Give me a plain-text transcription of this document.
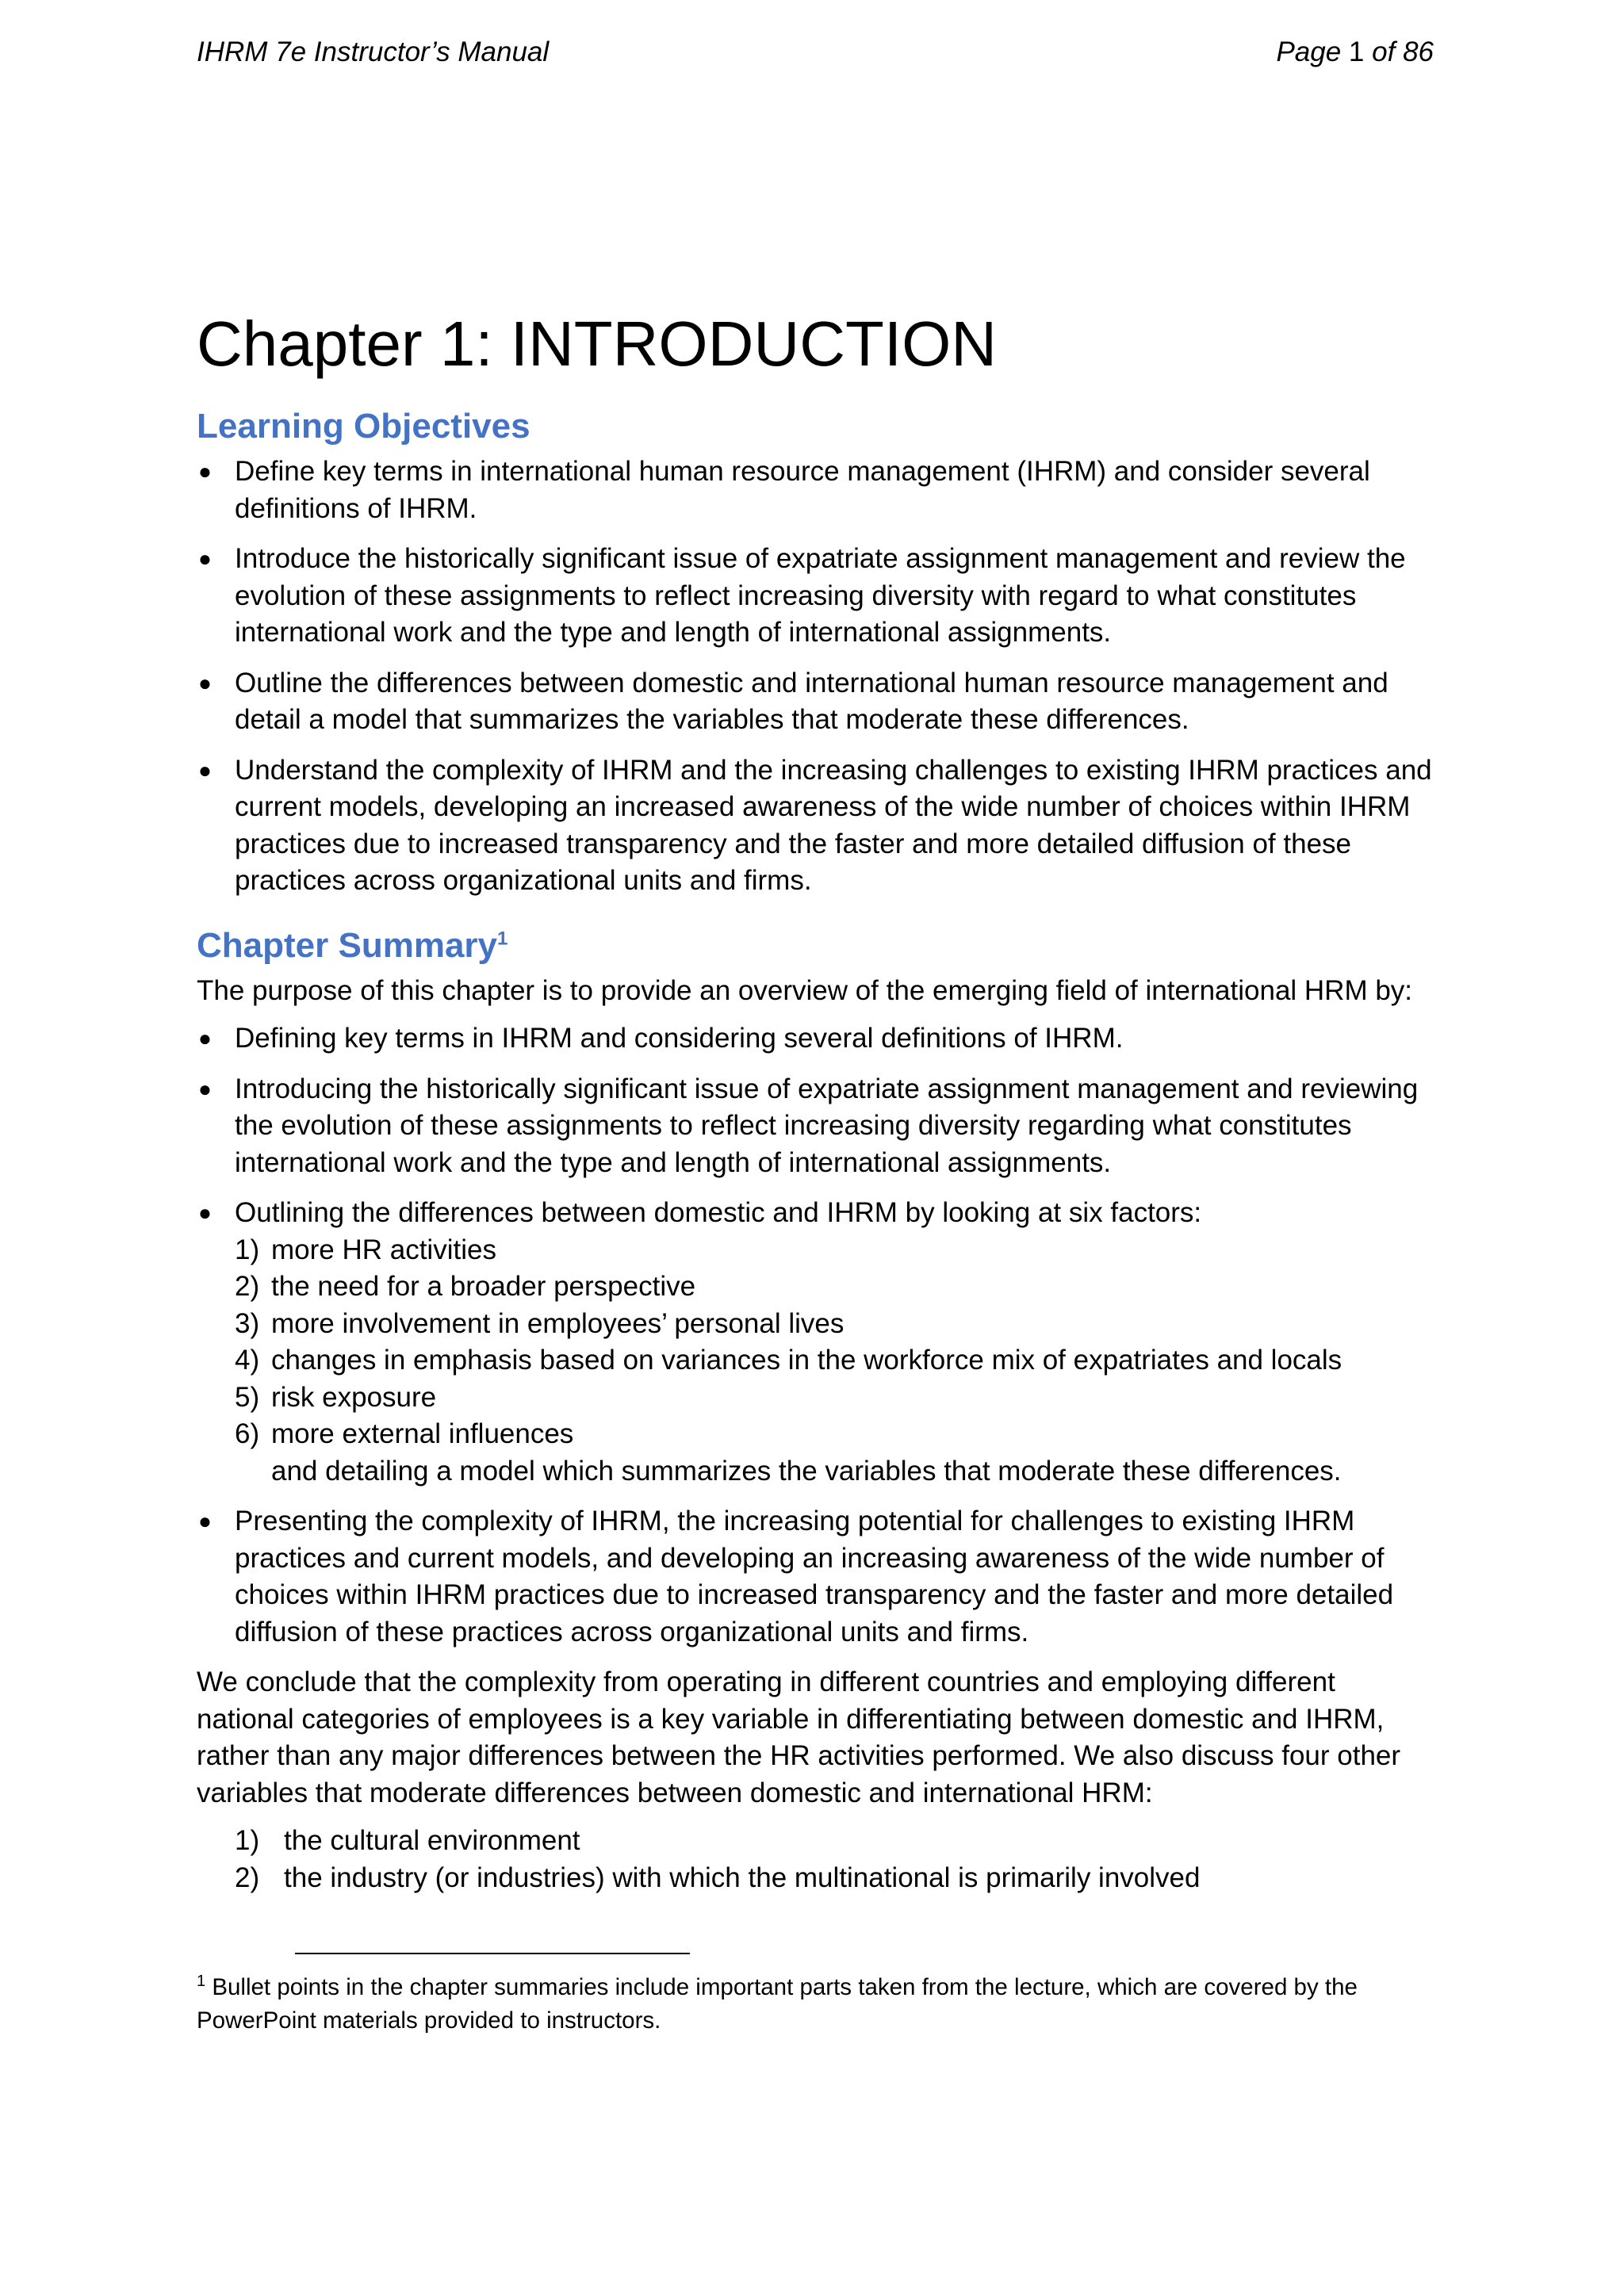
IHRM 7e Instructor’s Manual	Page 1 of 86
Chapter 1: INTRODUCTION
Learning Objectives
● Define key terms in international human resource management (IHRM) and consider several definitions of IHRM.
● Introduce the historically significant issue of expatriate assignment management and review the evolution of these assignments to reflect increasing diversity with regard to what constitutes international work and the type and length of international assignments.
● Outline the differences between domestic and international human resource management and detail a model that summarizes the variables that moderate these differences.
● Understand the complexity of IHRM and the increasing challenges to existing IHRM practices and current models, developing an increased awareness of the wide number of choices within IHRM practices due to increased transparency and the faster and more detailed diffusion of these practices across organizational units and firms.
Chapter Summary$^1$

The purpose of this chapter is to provide an overview of the emerging field of international HRM by:

● Defining key terms in IHRM and considering several definitions of IHRM.
● Introducing the historically significant issue of expatriate assignment management and reviewing the evolution of these assignments to reflect increasing diversity regarding what constitutes international work and the type and length of international assignments.
● Outlining the differences between domestic and IHRM by looking at six factors:
1) more HR activities
2) the need for a broader perspective
3) more involvement in employees’ personal lives
4) changes in emphasis based on variances in the workforce mix of expatriates and locals
5) risk exposure
6) more external influences
and detailing a model which summarizes the variables that moderate these differences.
● Presenting the complexity of IHRM, the increasing potential for challenges to existing IHRM practices and current models, and developing an increasing awareness of the wide number of choices within IHRM practices due to increased transparency and the faster and more detailed diffusion of these practices across organizational units and firms.

We conclude that the complexity from operating in different countries and employing different national categories of employees is a key variable in differentiating between domestic and IHRM, rather than any major differences between the HR activities performed. We also discuss four other variables that moderate differences between domestic and international HRM:

1) the cultural environment
2) the industry (or industries) with which the multinational is primarily involved
$^1$ Bullet points in the chapter summaries include important parts taken from the lecture, which are covered by the PowerPoint materials provided to instructors.
